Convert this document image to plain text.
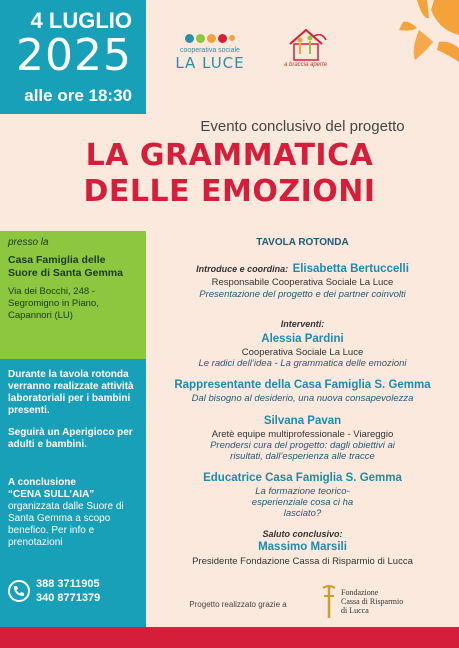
4 LUGLIO
2025
alle ore 18:30
cooperativa sociale
LA LUCE	a braccia aperte
Evento conclusivo del progetto
LA GRAMMATICA
DELLE EMOZIONI
presso la
Casa Famiglia delle Suore di Santa Gemma
Via dei Bocchi, 248 - Segromigno in Piano, Capannori (LU)
Durante la tavola rotonda verranno realizzate attività laboratoriali per i bambini presenti.
Seguirà un Aperigioco per adulti e bambini.
A conclusione
“CENA SULL’AIA”
organizzata dalle Suore di Santa Gemma a scopo benefico. Per info e prenotazioni
388 3711905
340 8771379
TAVOLA ROTONDA
Introduce e coordina: Elisabetta Bertuccelli
Responsabile Cooperativa Sociale La Luce
Presentazione del progetto e dei partner coinvolti
Interventi:
Alessia Pardini
Cooperativa Sociale La Luce
Le radici dell’idea - La grammatica delle emozioni
Rappresentante della Casa Famiglia S. Gemma
Dal bisogno al desiderio, una nuova consapevolezza
Silvana Pavan
Aretè equipe multiprofessionale - Viareggio
Prendersi cura del progetto: dagli obiettivi ai risultati, dall’esperienza alle tracce
Educatrice Casa Famiglia S. Gemma
La formazione teorico-esperienziale cosa ci ha lasciato?
Saluto conclusivo:
Massimo Marsili
Presidente Fondazione Cassa di Risparmio di Lucca
Progetto realizzato grazie a
Fondazione
Cassa di Risparmio
di Lucca
